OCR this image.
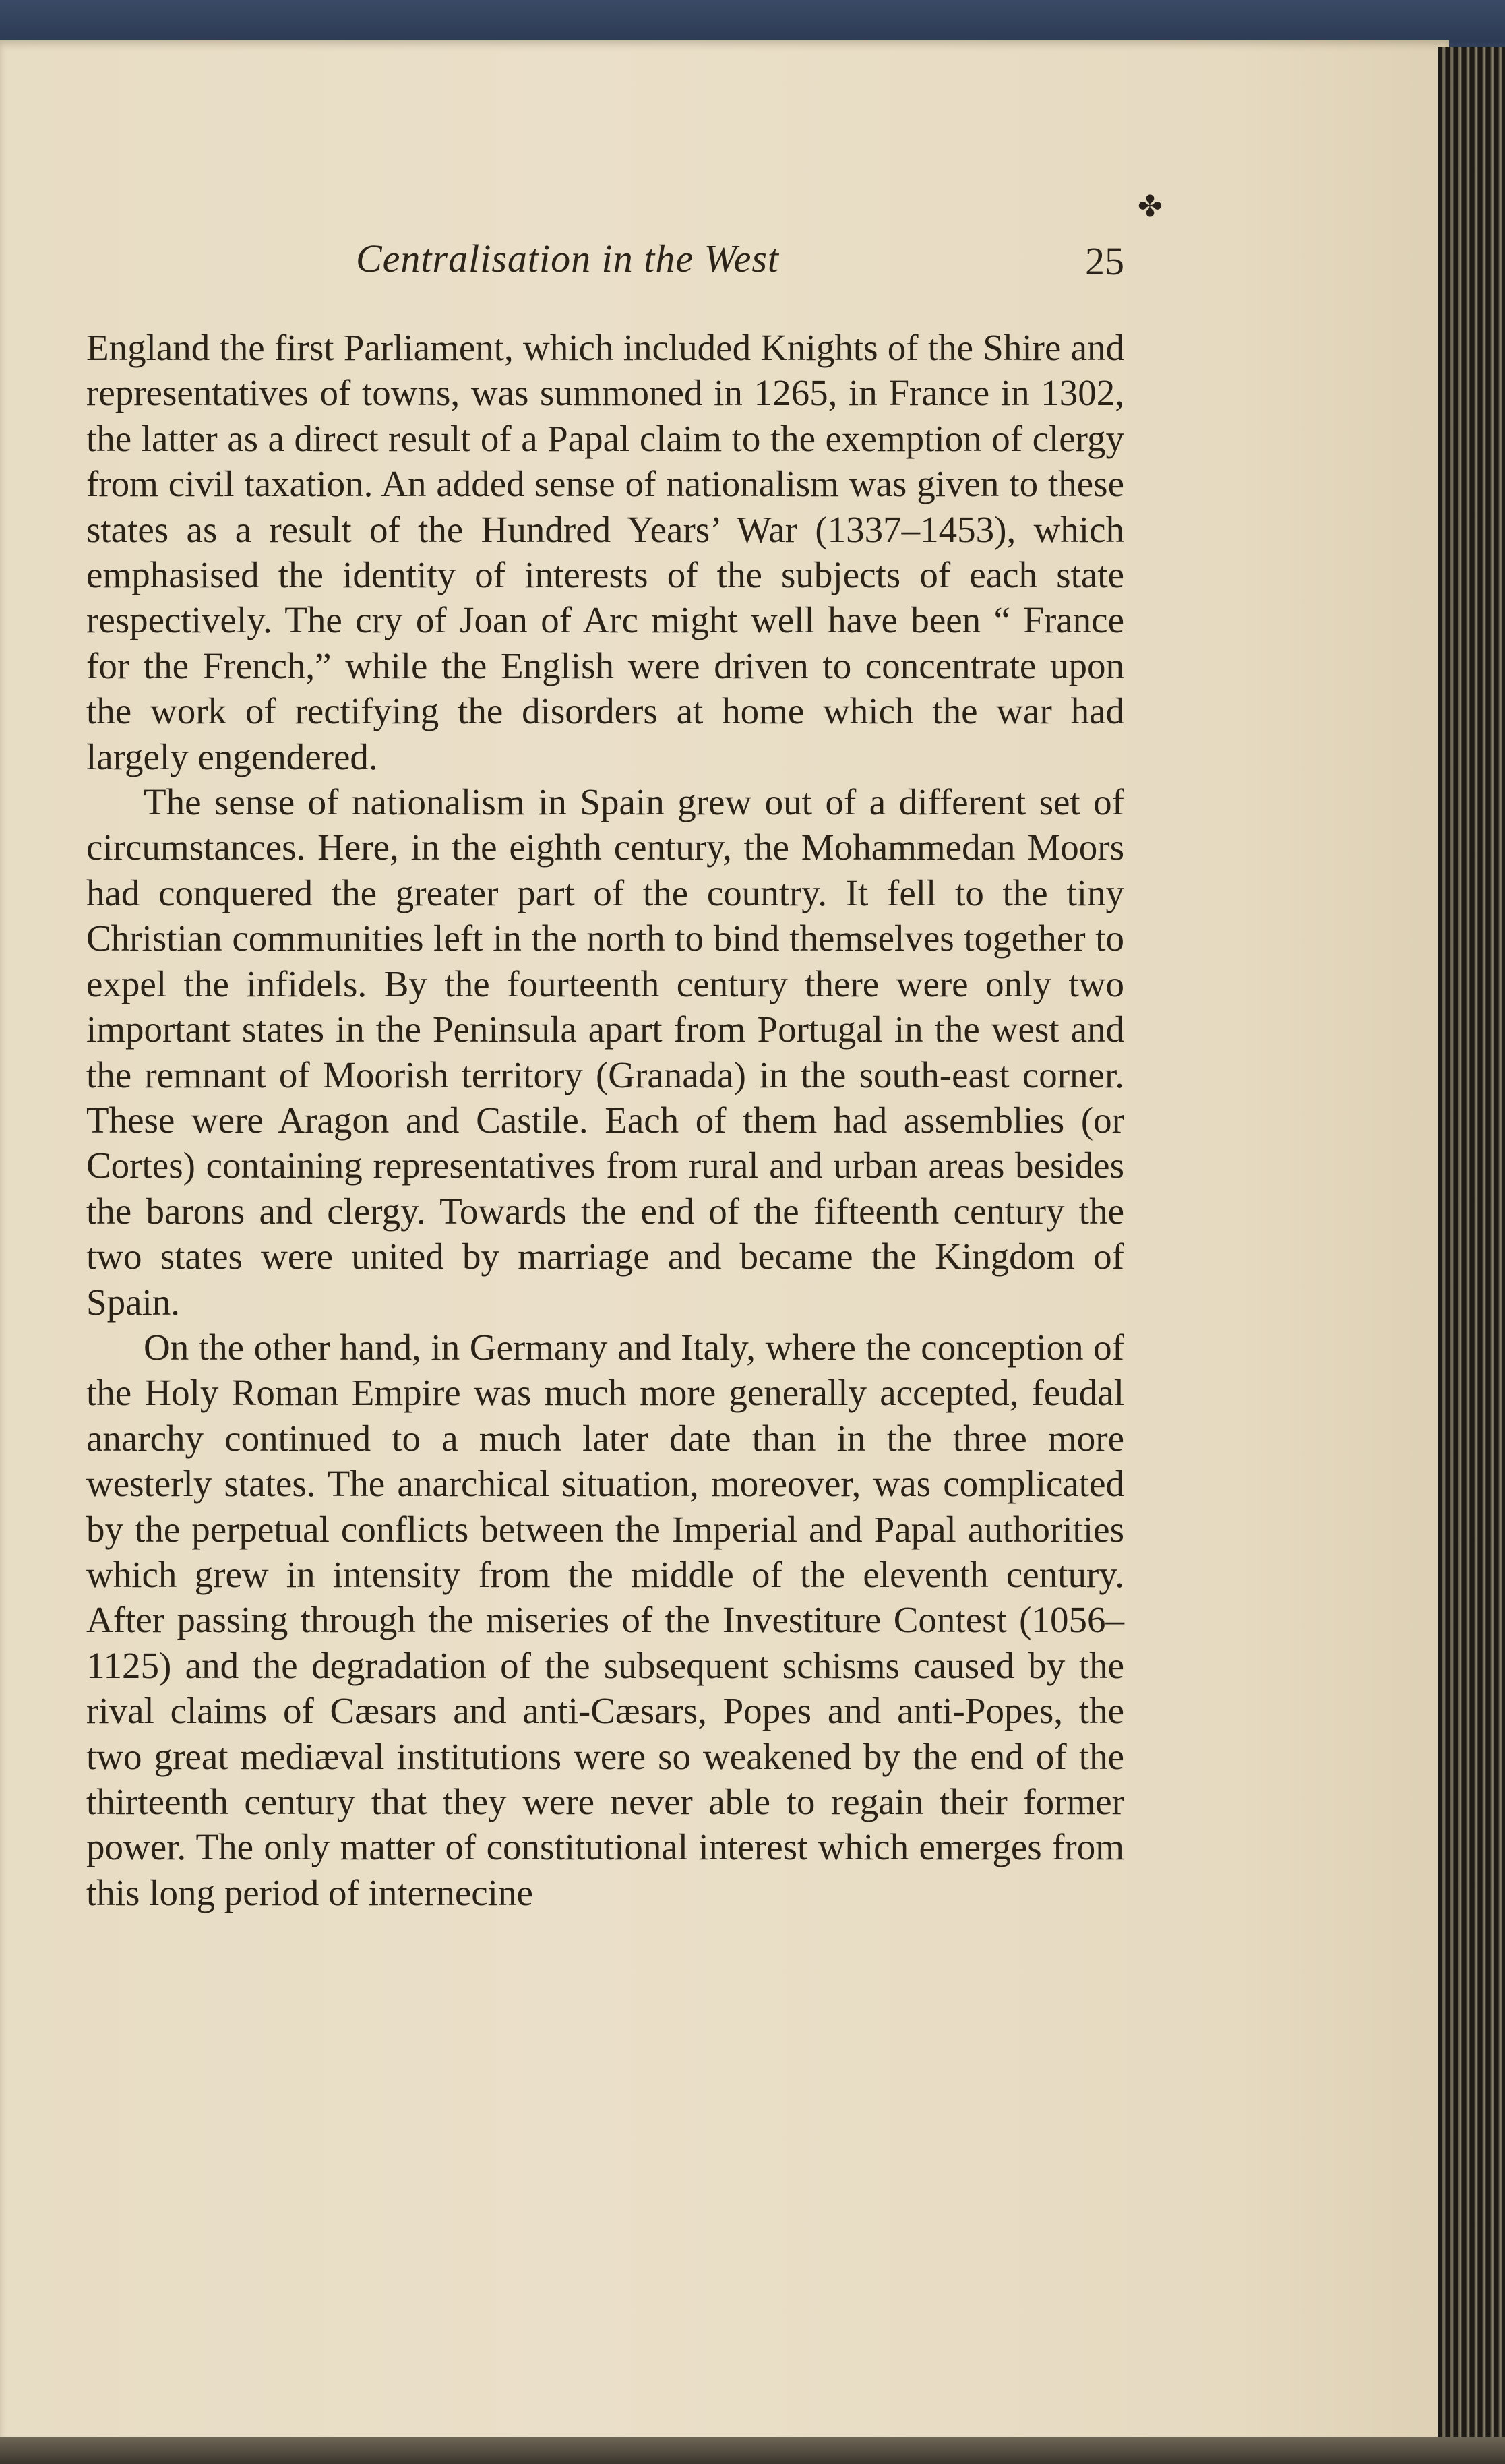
✤
Centralisation in the West	25

England the first Parliament, which included Knights of the Shire and representatives of towns, was summoned in 1265, in France in 1302, the latter as a direct result of a Papal claim to the exemption of clergy from civil taxation. An added sense of nationalism was given to these states as a result of the Hundred Years’ War (1337–1453), which emphasised the identity of interests of the subjects of each state respectively. The cry of Joan of Arc might well have been “ France for the French,” while the English were driven to concentrate upon the work of rectifying the disorders at home which the war had largely engendered.

The sense of nationalism in Spain grew out of a different set of circumstances. Here, in the eighth century, the Mohammedan Moors had conquered the greater part of the country. It fell to the tiny Christian communities left in the north to bind themselves together to expel the infidels. By the fourteenth century there were only two important states in the Peninsula apart from Portugal in the west and the remnant of Moorish territory (Granada) in the south-east corner. These were Aragon and Castile. Each of them had assemblies (or Cortes) containing representatives from rural and urban areas besides the barons and clergy. Towards the end of the fifteenth century the two states were united by marriage and became the Kingdom of Spain.

On the other hand, in Germany and Italy, where the conception of the Holy Roman Empire was much more generally accepted, feudal anarchy continued to a much later date than in the three more westerly states. The anarchical situation, moreover, was complicated by the perpetual conflicts between the Imperial and Papal authorities which grew in intensity from the middle of the eleventh century. After passing through the miseries of the Investiture Contest (1056–1125) and the degradation of the subsequent schisms caused by the rival claims of Cæsars and anti-Cæsars, Popes and anti-Popes, the two great mediæval institutions were so weakened by the end of the thirteenth century that they were never able to regain their former power. The only matter of constitutional interest which emerges from this long period of internecine
